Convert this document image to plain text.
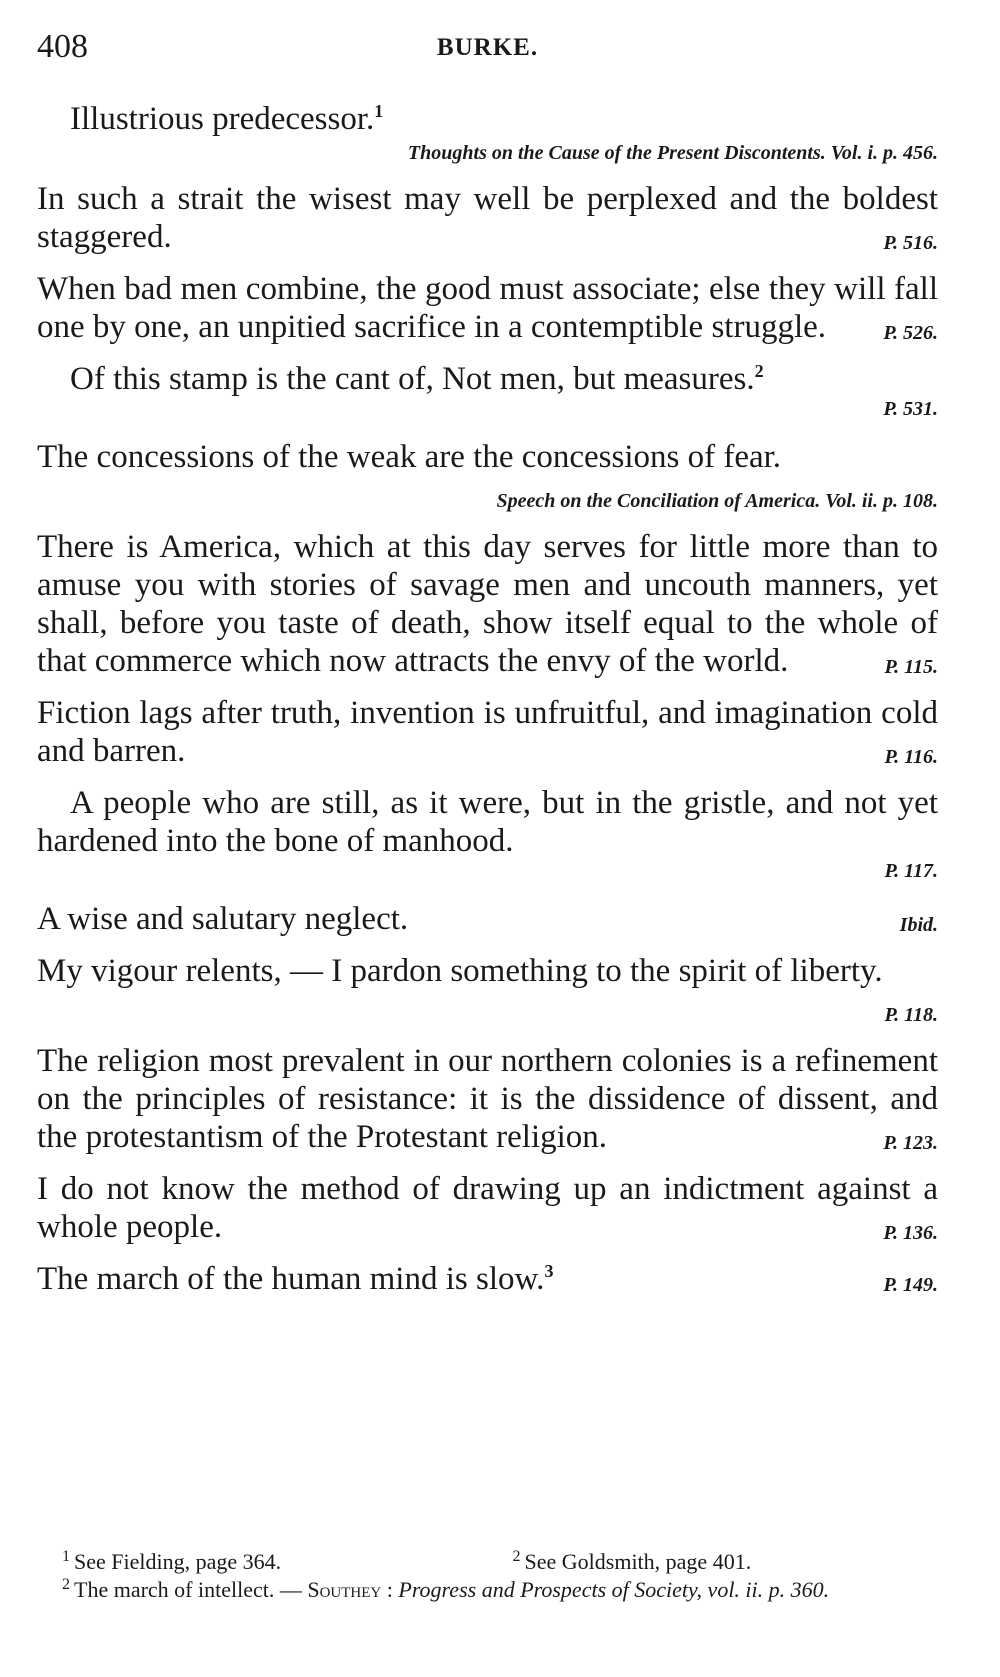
408	BURKE.
Illustrious predecessor.$^1$
Thoughts on the Cause of the Present Discontents. Vol. i. p. 456.
In such a strait the wisest may well be perplexed and the boldest staggered.	P. 516.
When bad men combine, the good must associate; else they will fall one by one, an unpitied sacrifice in a contemptible struggle.	P. 526.
Of this stamp is the cant of, Not men, but measures.$^2$
P. 531.
The concessions of the weak are the concessions of fear.
Speech on the Conciliation of America. Vol. ii. p. 108.
There is America, which at this day serves for little more than to amuse you with stories of savage men and uncouth manners, yet shall, before you taste of death, show itself equal to the whole of that commerce which now attracts the envy of the world.	P. 115.
Fiction lags after truth, invention is unfruitful, and imagination cold and barren.	P. 116.
A people who are still, as it were, but in the gristle, and not yet hardened into the bone of manhood.
P. 117.
A wise and salutary neglect.	Ibid.
My vigour relents, — I pardon something to the spirit of liberty.
P. 118.
The religion most prevalent in our northern colonies is a refinement on the principles of resistance: it is the dissidence of dissent, and the protestantism of the Protestant religion.	P. 123.
I do not know the method of drawing up an indictment against a whole people.	P. 136.
The march of the human mind is slow.$^3$
P. 149.
$^1$ See Fielding, page 364.	$^2$ See Goldsmith, page 401.
$^2$ The march of intellect. — Southey : Progress and Prospects of Society, vol. ii. p. 360.
